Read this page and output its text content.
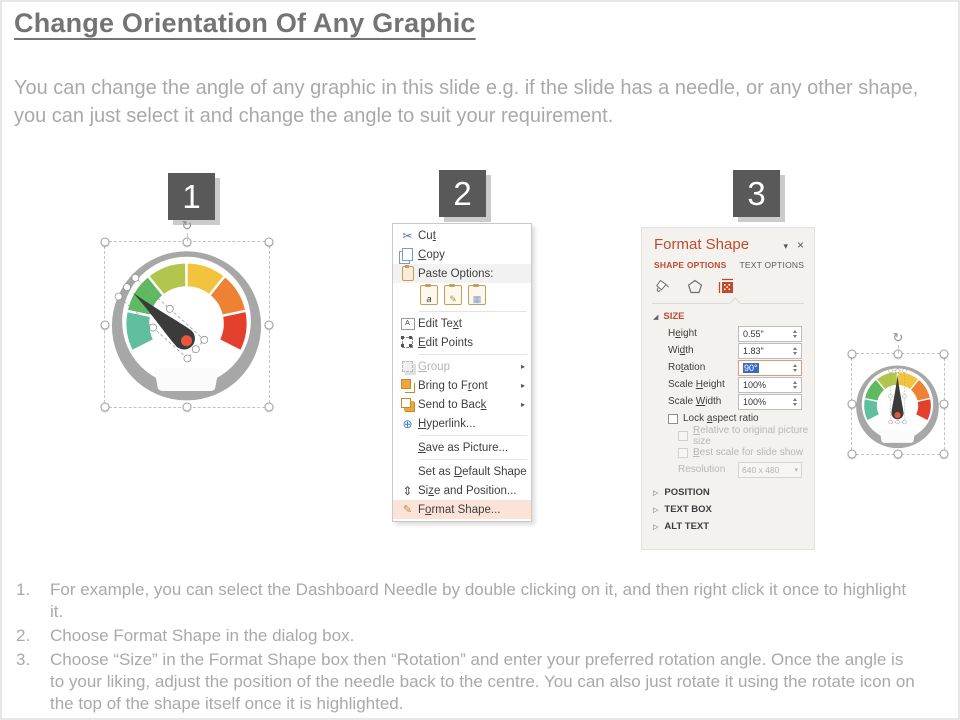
Change Orientation Of Any Graphic
You can change the angle of any graphic in this slide e.g. if the slide has a needle, or any other shape, you can just select it and change the angle to suit your requirement.
1	2	3
↻
✂ Cut
Copy
Paste Options:
a
✎
▦
A
Edit Text
Edit Points
Group	▸
Bring to Front	▸
Send to Back	▸
⊕ Hyperlink...
Save as Picture...
Set as Default Shape
⇕ Size and Position...
✎ Format Shape...
Format Shape	▾ ×
SHAPE OPTIONS TEXT OPTIONS
◢ SIZE
Height	0.55"
Width	1.83"
Rotation	90°
Scale Height	100%
Scale Width	100%
Lock aspect ratio
Relative to original picture size
Best scale for slide show
Resolution	640 x 480	▾
▷ POSITION
▷ TEXT BOX
▷ ALT TEXT
↻
1.	For example, you can select the Dashboard Needle by double clicking on it, and then right click it once to highlight it.
2.	Choose Format Shape in the dialog box.
3.	Choose “Size” in the Format Shape box then “Rotation” and enter your preferred rotation angle. Once the angle is to your liking, adjust the position of the needle back to the centre. You can also just rotate it using the rotate icon on the top of the shape itself once it is highlighted.
